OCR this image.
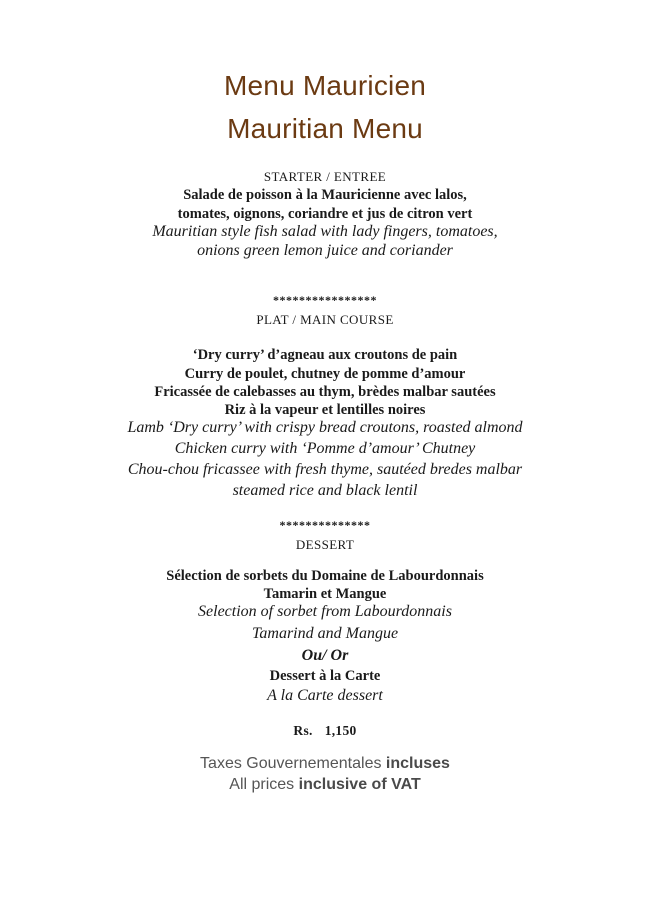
Menu Mauricien
Mauritian Menu
STARTER / ENTREE
Salade de poisson à la Mauricienne avec lalos,
tomates, oignons, coriandre et jus de citron vert
Mauritian style fish salad with lady fingers, tomatoes,
onions green lemon juice and coriander
****************
PLAT / MAIN COURSE
‘Dry curry’ d’agneau aux croutons de pain
Curry de poulet, chutney de pomme d’amour
Fricassée de calebasses au thym, brèdes malbar sautées
Riz à la vapeur et lentilles noires
Lamb ‘Dry curry’ with crispy bread croutons, roasted almond
Chicken curry with ‘Pomme d’amour’ Chutney
Chou-chou fricassee with fresh thyme, sautéed bredes malbar
steamed rice and black lentil
**************
DESSERT
Sélection de sorbets du Domaine de Labourdonnais
Tamarin et Mangue
Selection of sorbet from Labourdonnais
Tamarind and Mangue
Ou/ Or
Dessert à la Carte
A la Carte dessert
Rs. 1,150
Taxes Gouvernementales incluses
All prices inclusive of VAT
